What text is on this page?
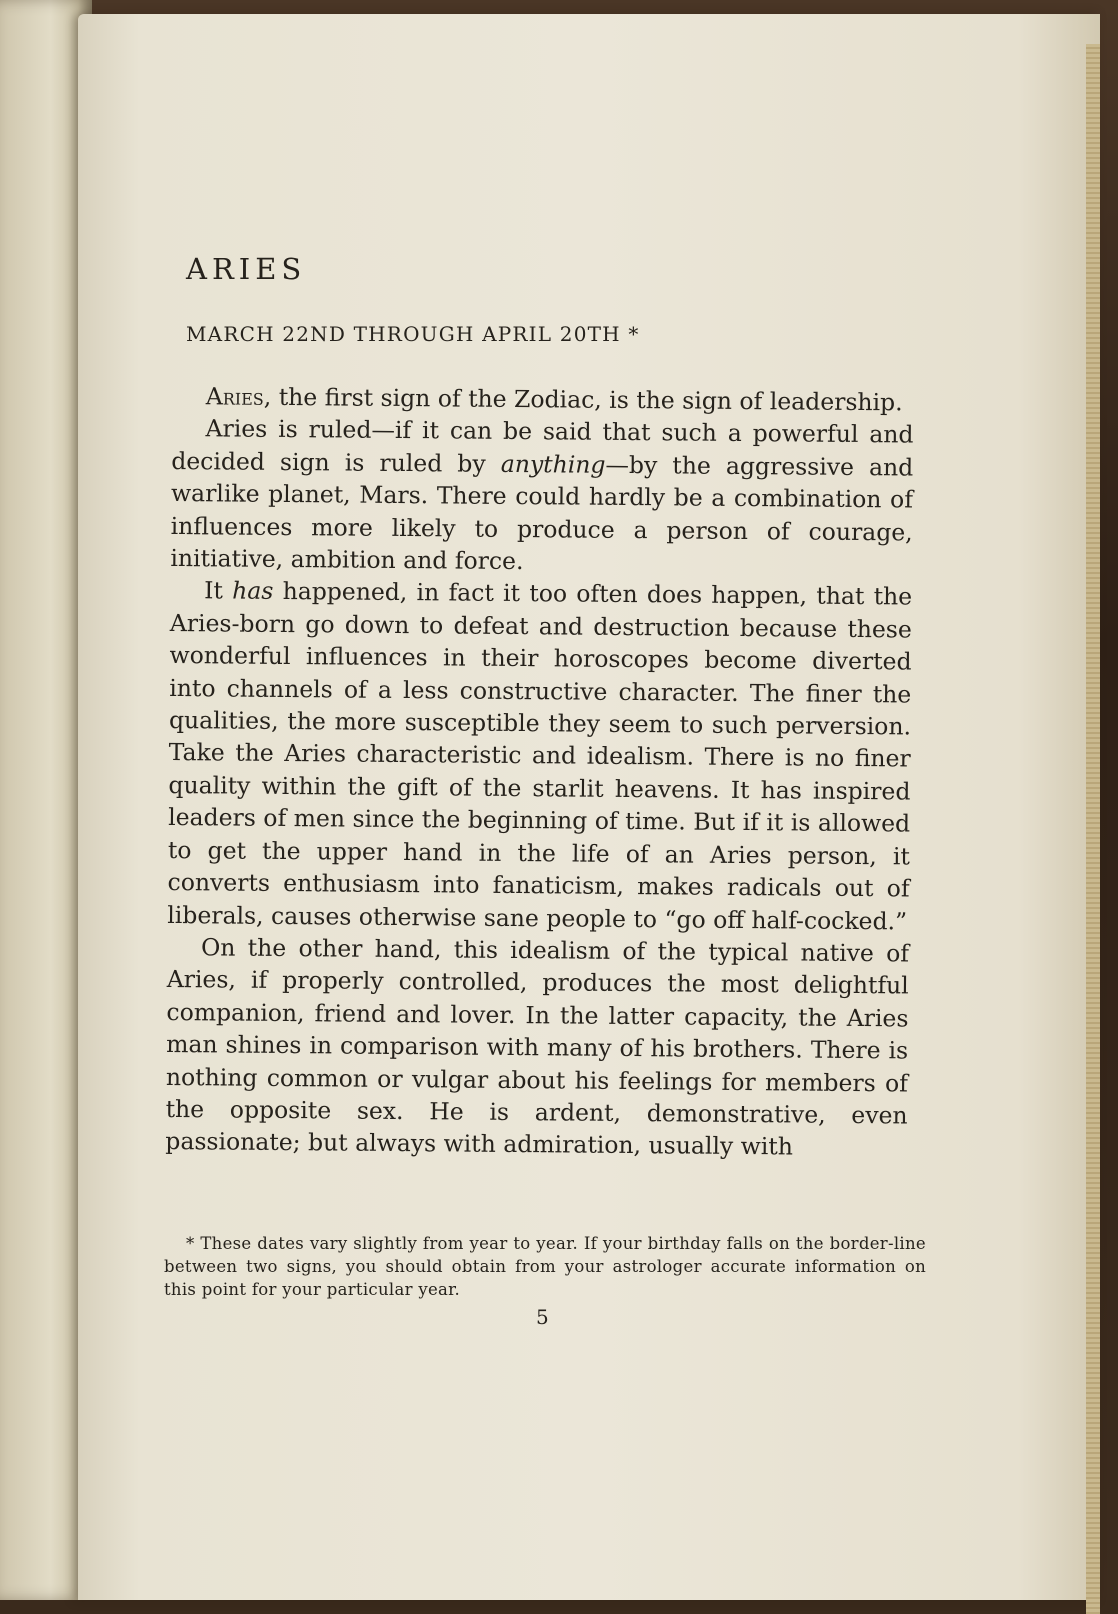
ARIES
MARCH 22ND THROUGH APRIL 20TH *

Aries, the first sign of the Zodiac, is the sign of leadership.

Aries is ruled—if it can be said that such a powerful and decided sign is ruled by anything—by the aggressive and warlike planet, Mars. There could hardly be a combination of influences more likely to produce a person of courage, initiative, ambition and force.

It has happened, in fact it too often does happen, that the Aries-born go down to defeat and destruction because these wonderful influences in their horoscopes become diverted into channels of a less constructive character. The finer the qualities, the more susceptible they seem to such perversion. Take the Aries characteristic and idealism. There is no finer quality within the gift of the starlit heavens. It has inspired leaders of men since the beginning of time. But if it is allowed to get the upper hand in the life of an Aries person, it converts enthusiasm into fanaticism, makes radicals out of liberals, causes otherwise sane people to “go off half-cocked.”

On the other hand, this idealism of the typical native of Aries, if properly controlled, produces the most delightful companion, friend and lover. In the latter capacity, the Aries man shines in comparison with many of his brothers. There is nothing common or vulgar about his feelings for members of the opposite sex. He is ardent, demonstrative, even passionate; but always with admiration, usually with

* These dates vary slightly from year to year. If your birthday falls on the border-line between two signs, you should obtain from your astrologer accurate information on this point for your particular year.

5
